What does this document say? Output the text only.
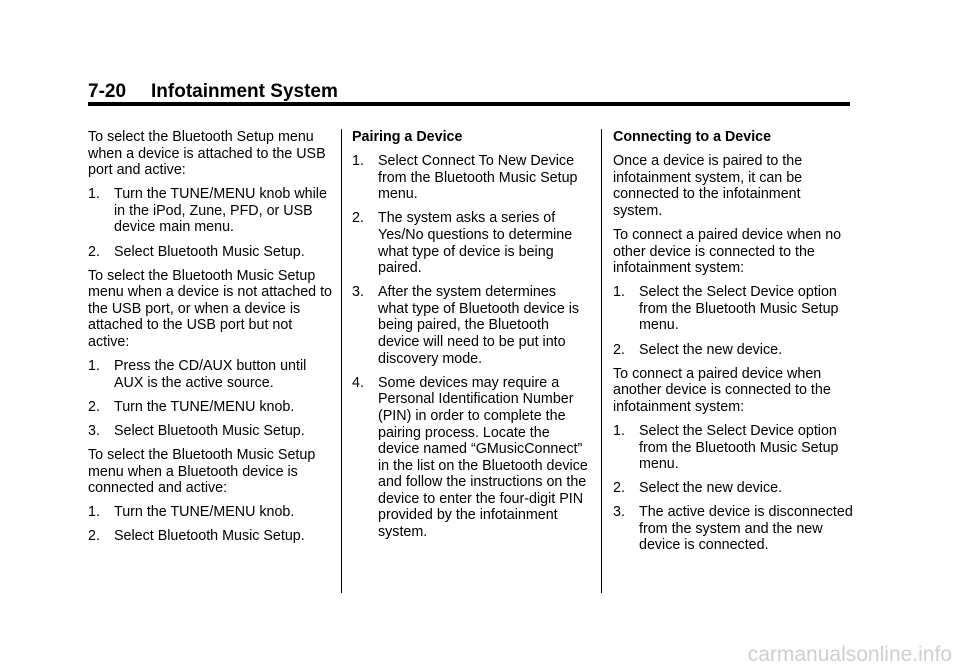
7-20 Infotainment System

To select the Bluetooth Setup menu when a device is attached to the USB port and active:

1. Turn the TUNE/MENU knob while in the iPod, Zune, PFD, or USB device main menu.
2. Select Bluetooth Music Setup.

To select the Bluetooth Music Setup menu when a device is not attached to the USB port, or when a device is attached to the USB port but not active:

1. Press the CD/AUX button until AUX is the active source.
2. Turn the TUNE/MENU knob.
3. Select Bluetooth Music Setup.

To select the Bluetooth Music Setup menu when a Bluetooth device is connected and active:

1. Turn the TUNE/MENU knob.
2. Select Bluetooth Music Setup.
Pairing a Device
1. Select Connect To New Device from the Bluetooth Music Setup menu.
2. The system asks a series of Yes/No questions to determine what type of device is being paired.
3. After the system determines what type of Bluetooth device is being paired, the Bluetooth device will need to be put into discovery mode.
4. Some devices may require a Personal Identification Number (PIN) in order to complete the pairing process. Locate the device named “GMusicConnect” in the list on the Bluetooth device and follow the instructions on the device to enter the four-digit PIN provided by the infotainment system.
Connecting to a Device

Once a device is paired to the infotainment system, it can be connected to the infotainment system.

To connect a paired device when no other device is connected to the infotainment system:

1. Select the Select Device option from the Bluetooth Music Setup menu.
2. Select the new device.

To connect a paired device when another device is connected to the infotainment system:

1. Select the Select Device option from the Bluetooth Music Setup menu.
2. Select the new device.
3. The active device is disconnected from the system and the new device is connected.
carmanualsonline.info
